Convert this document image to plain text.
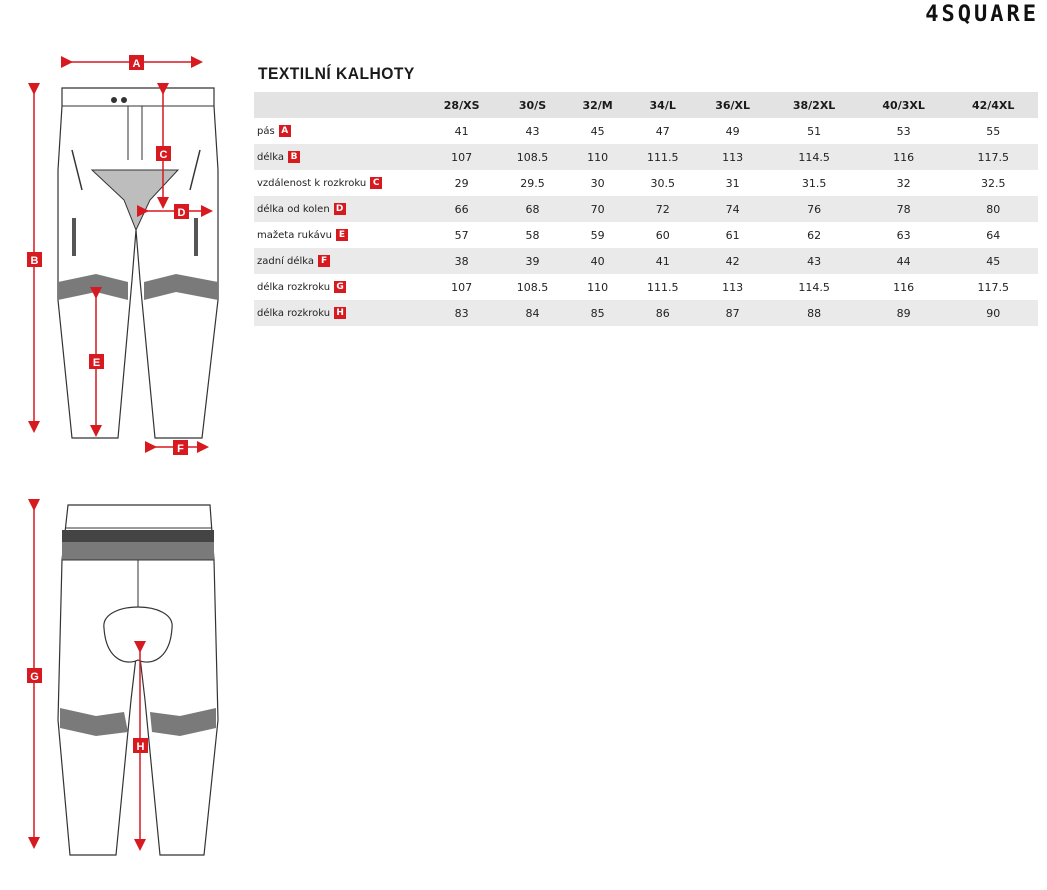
4SQUARE
TEXTILNÍ KALHOTY
	28/XS	30/S	32/M	34/L	36/XL	38/2XL	40/3XL	42/4XL
pás A	41	43	45	47	49	51	53	55
délka B	107	108.5	110	111.5	113	114.5	116	117.5
vzdálenost k rozkroku C	29	29.5	30	30.5	31	31.5	32	32.5
délka od kolen D	66	68	70	72	74	76	78	80
mažeta rukávu E	57	58	59	60	61	62	63	64
zadní délka F	38	39	40	41	42	43	44	45
délka rozkroku G	107	108.5	110	111.5	113	114.5	116	117.5
délka rozkroku H	83	84	85	86	87	88	89	90
A
B
C
D
E
F
G
H
